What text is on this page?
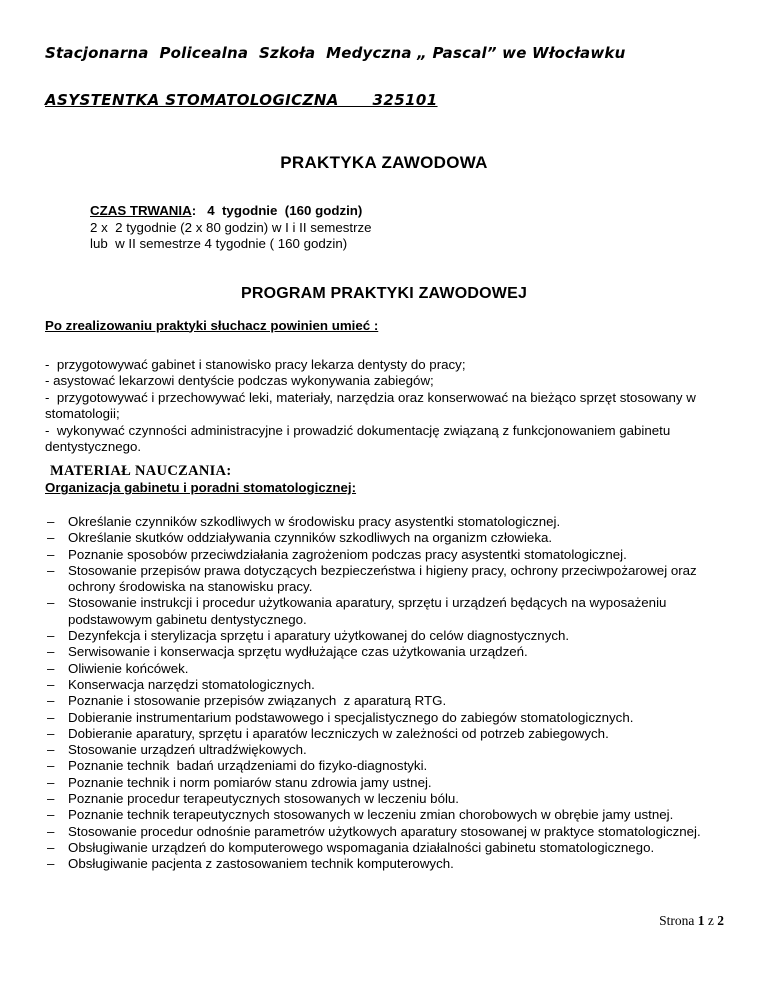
Stacjonarna  Policealna  Szkoła  Medyczna „ Pascal” we Włocławku
ASYSTENTKA STOMATOLOGICZNA      325101
PRAKTYKA ZAWODOWA
CZAS TRWANIA:   4  tygodnie  (160 godzin)
2 x  2 tygodnie (2 x 80 godzin) w I i II semestrze
lub  w II semestrze 4 tygodnie ( 160 godzin)
PROGRAM PRAKTYKI ZAWODOWEJ
Po zrealizowaniu praktyki słuchacz powinien umieć :
-  przygotowywać gabinet i stanowisko pracy lekarza dentysty do pracy;
- asystować lekarzowi dentyście podczas wykonywania zabiegów;
-  przygotowywać i przechowywać leki, materiały, narzędzia oraz konserwować na bieżąco sprzęt stosowany w stomatologii;
-  wykonywać czynności administracyjne i prowadzić dokumentację związaną z funkcjonowaniem gabinetu dentystycznego.
MATERIAŁ NAUCZANIA:
Organizacja gabinetu i poradni stomatologicznej:
– Określanie czynników szkodliwych w środowisku pracy asystentki stomatologicznej.
– Określanie skutków oddziaływania czynników szkodliwych na organizm człowieka.
– Poznanie sposobów przeciwdziałania zagrożeniom podczas pracy asystentki stomatologicznej.
– Stosowanie przepisów prawa dotyczących bezpieczeństwa i higieny pracy, ochrony przeciwpożarowej oraz ochrony środowiska na stanowisku pracy.
– Stosowanie instrukcji i procedur użytkowania aparatury, sprzętu i urządzeń będących na wyposażeniu podstawowym gabinetu dentystycznego.
– Dezynfekcja i sterylizacja sprzętu i aparatury użytkowanej do celów diagnostycznych.
– Serwisowanie i konserwacja sprzętu wydłużające czas użytkowania urządzeń.
– Oliwienie końcówek.
– Konserwacja narzędzi stomatologicznych.
– Poznanie i stosowanie przepisów związanych  z aparaturą RTG.
– Dobieranie instrumentarium podstawowego i specjalistycznego do zabiegów stomatologicznych.
– Dobieranie aparatury, sprzętu i aparatów leczniczych w zależności od potrzeb zabiegowych.
– Stosowanie urządzeń ultradźwiękowych.
– Poznanie technik  badań urządzeniami do fizyko-diagnostyki.
– Poznanie technik i norm pomiarów stanu zdrowia jamy ustnej.
– Poznanie procedur terapeutycznych stosowanych w leczeniu bólu.
– Poznanie technik terapeutycznych stosowanych w leczeniu zmian chorobowych w obrębie jamy ustnej.
– Stosowanie procedur odnośnie parametrów użytkowych aparatury stosowanej w praktyce stomatologicznej.
– Obsługiwanie urządzeń do komputerowego wspomagania działalności gabinetu stomatologicznego.
– Obsługiwanie pacjenta z zastosowaniem technik komputerowych.
Strona 1 z 2
